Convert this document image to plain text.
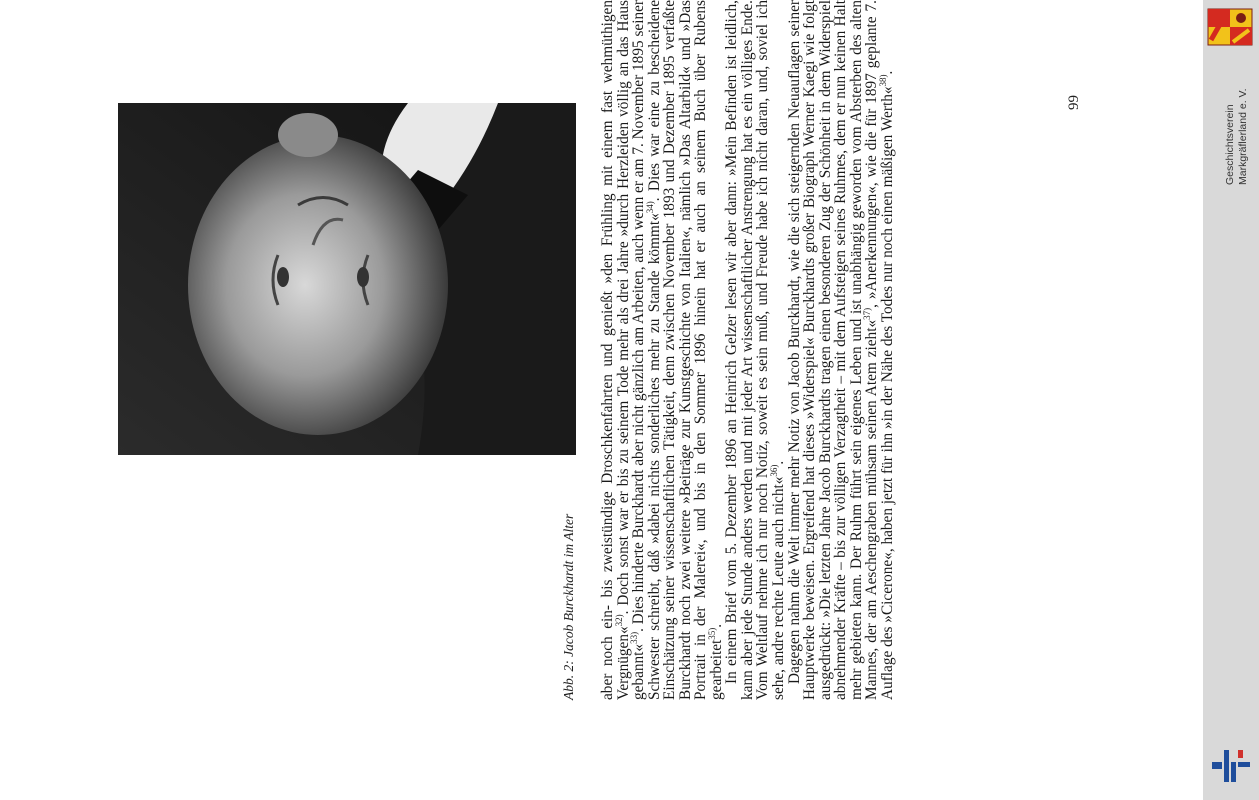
Abb. 2: Jacob Burckhardt im Alter aber noch ein- bis zweistündige Droschkenfahrten und genießt »den Frühling mit einem fast wehmüthigen Vergnügen«$^{32)}$. Doch sonst war er bis zu seinem Tode mehr als drei Jahre »durch Herzleiden völlig an das Haus gebannt«$^{33)}$. Dies hinderte Burckhardt aber nicht gänzlich am Arbeiten, auch wenn er am 7. November 1895 seiner Schwester schreibt, daß »dabei nichts sonderliches mehr zu Stande kömmt«$^{34)}$. Dies war eine zu bescheidene Einschätzung seiner wissenschaftlichen Tätigkeit, denn zwischen November 1893 und Dezember 1895 verfaßte Burckhardt noch zwei weitere »Beiträge zur Kunstgeschichte von Italien«, nämlich »Das Altarbild« und »Das Portrait in der Malerei«, und bis in den Sommer 1896 hinein hat er auch an seinem Buch über Rubens gearbeitet$^{35)}$.

In einem Brief vom 5. Dezember 1896 an Heinrich Gelzer lesen wir aber dann: »Mein Befinden ist leidlich, kann aber jede Stunde anders werden und mit jeder Art wissenschaftlicher Anstrengung hat es ein völliges Ende. Vom Weltlauf nehme ich nur noch Notiz, soweit es sein muß, und Freude habe ich nicht daran, und, soviel ich sehe, andre rechte Leute auch nicht«$^{36)}$.

Dagegen nahm die Welt immer mehr Notiz von Jacob Burckhardt, wie die sich steigernden Neuauflagen seiner Hauptwerke beweisen. Ergreifend hat dieses »Widerspiel« Burckhardts großer Biograph Werner Kaegi wie folgt ausgedrückt: »Die letzten Jahre Jacob Burckhardts tragen einen besonderen Zug der Schönheit in dem Widerspiel abnehmender Kräfte – bis zur völligen Verzagtheit – mit dem Aufsteigen seines Ruhmes, dem er nun keinen Halt mehr gebieten kann. Der Ruhm führt sein eigenes Leben und ist unabhängig geworden vom Absterben des alten Mannes, der am Aeschengraben mühsam seinen Atem zieht«$^{37)}$, »Anerkennungen«, wie die für 1897 geplante 7. Auflage des »Cicerone«, haben jetzt für ihn »in der Nähe des Todes nur noch einen mäßigen Werth«$^{38)}$.

99
Geschichtsverein Markgräflerland e. V.
